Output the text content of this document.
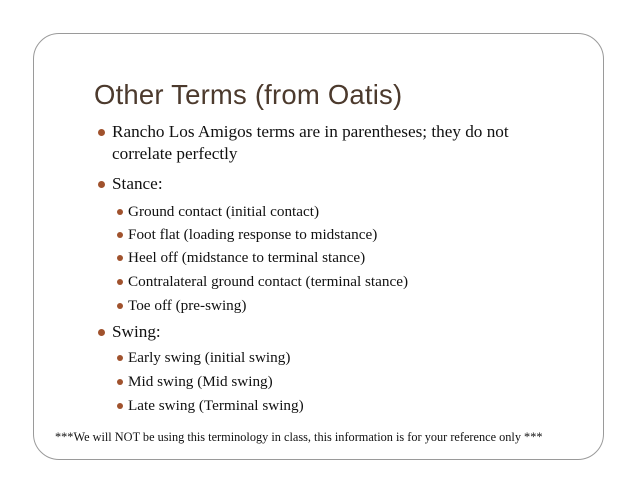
Other Terms (from Oatis)
Rancho Los Amigos terms are in parentheses; they do not correlate perfectly
Stance:
Ground contact (initial contact)
Foot flat (loading response to midstance)
Heel off (midstance to terminal stance)
Contralateral ground contact (terminal stance)
Toe off (pre-swing)
Swing:
Early swing (initial swing)
Mid swing (Mid swing)
Late swing (Terminal swing)

***We will NOT be using this terminology in class, this information is for your reference only ***
